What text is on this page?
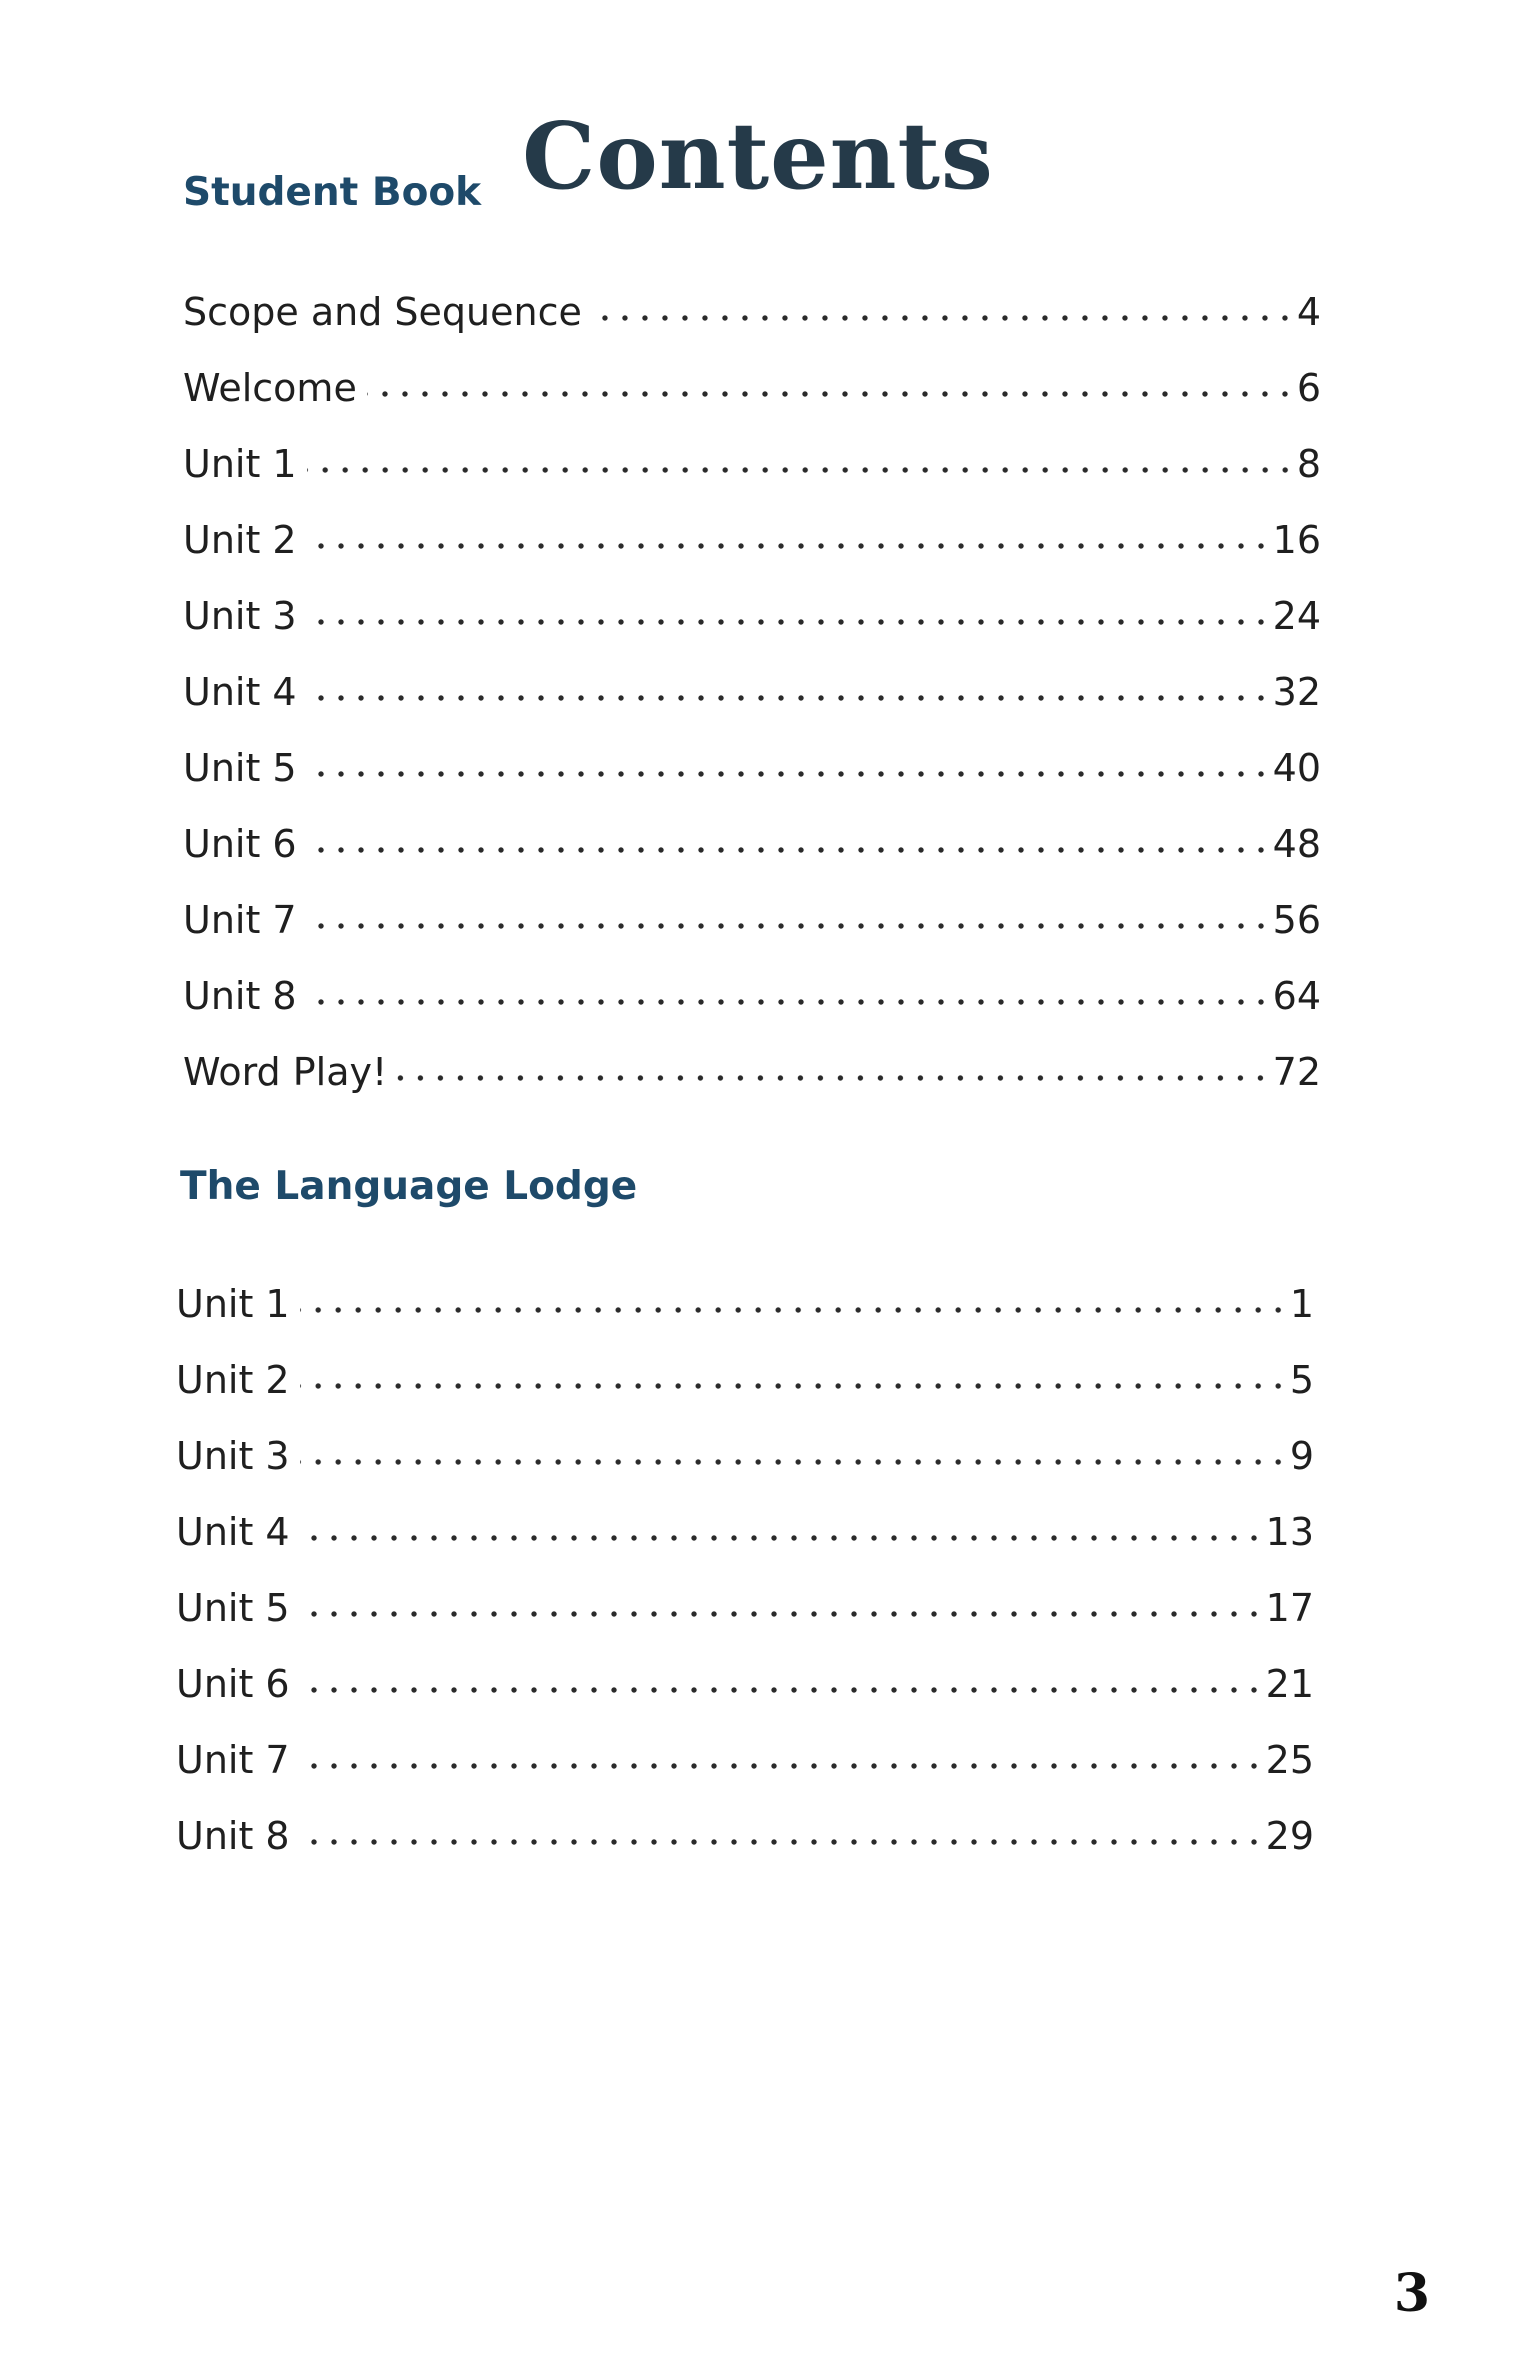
Contents
Student Book
Scope and Sequence	4
Welcome	6
Unit 1	8
Unit 2	16
Unit 3	24
Unit 4	32
Unit 5	40
Unit 6	48
Unit 7	56
Unit 8	64
Word Play!	72
The Language Lodge
Unit 1	1
Unit 2	5
Unit 3	9
Unit 4	13
Unit 5	17
Unit 6	21
Unit 7	25
Unit 8	29
3
